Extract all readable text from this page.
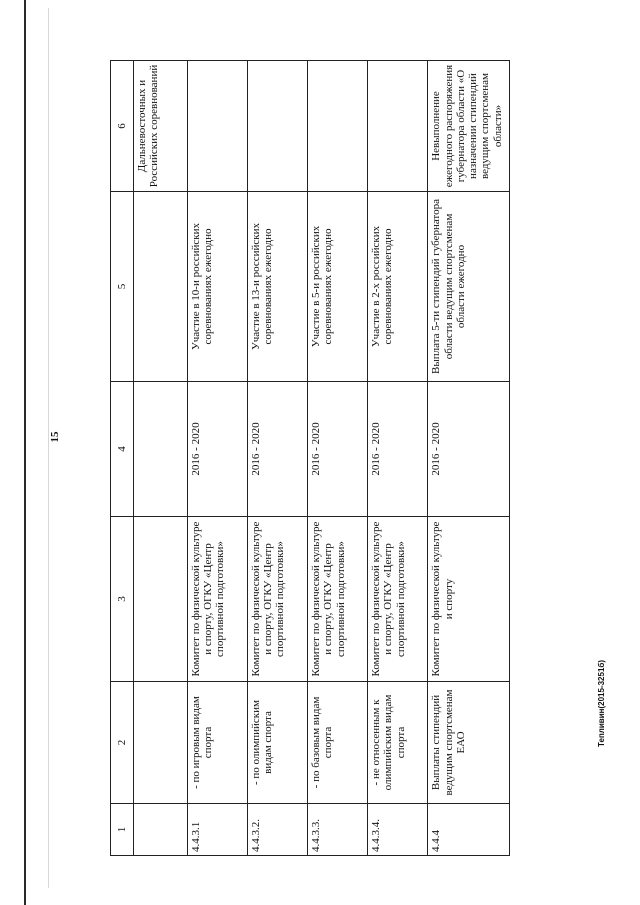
15
Тепливин(2015-3251б)
1	2	3	4	5	6
					Дальневосточных и Российских соревнований
4.4.3.1	- по игровым видам спорта	Комитет по физической культуре и спорту, ОГКУ «Центр спортивной подготовки»	2016 - 2020	Участие в 10-и российских соревнованиях ежегодно	
4.4.3.2.	- по олимпийским видам спорта	Комитет по физической культуре и спорту, ОГКУ «Центр спортивной подготовки»	2016 - 2020	Участие в 13-и российских соревнованиях ежегодно	
4.4.3.3.	- по базовым видам спорта	Комитет по физической культуре и спорту, ОГКУ «Центр спортивной подготовки»	2016 - 2020	Участие в 5-и российских соревнованиях ежегодно	
4.4.3.4.	- не относенным к олимпийским видам спорта	Комитет по физической культуре и спорту, ОГКУ «Центр спортивной подготовки»	2016 - 2020	Участие в 2-х российских соревнованиях ежегодно	
4.4.4	Выплаты стипендий ведущим спортсменам ЕАО	Комитет по физической культуре и спорту	2016 - 2020	Выплата 5-ти стипендий губернатора области ведущим спортсменам области ежегодно	Невыполнение ежегодного распоряжения губернатора области «О назначении стипендий ведущим спортсменам области»
